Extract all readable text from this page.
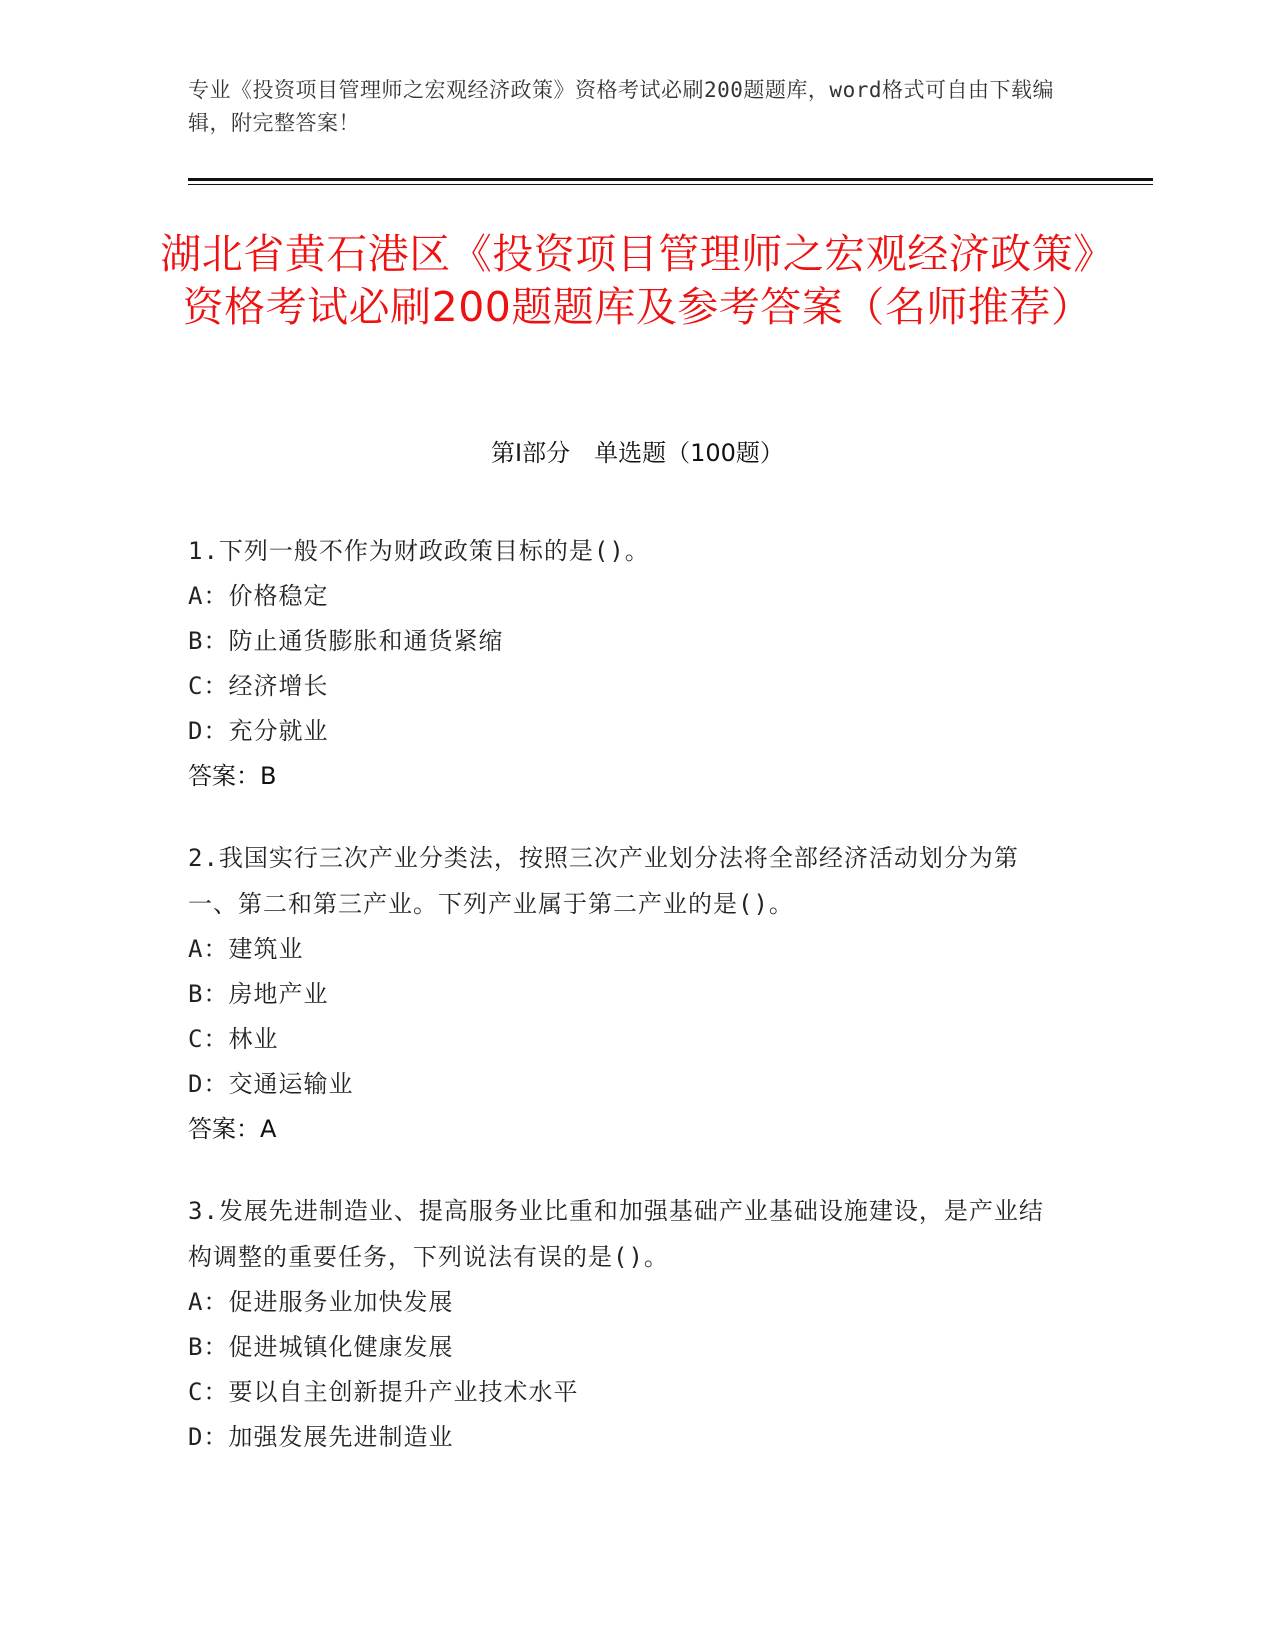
专业《投资项目管理师之宏观经济政策》资格考试必刷200题题库，word格式可自由下载编辑，附完整答案！
湖北省黄石港区《投资项目管理师之宏观经济政策》资格考试必刷200题题库及参考答案（名师推荐）
第Ⅰ部分　单选题（100题）
1.下列一般不作为财政政策目标的是()。
A：价格稳定
B：防止通货膨胀和通货紧缩
C：经济增长
D：充分就业
答案：B
2.我国实行三次产业分类法，按照三次产业划分法将全部经济活动划分为第一、第二和第三产业。下列产业属于第二产业的是()。
A：建筑业
B：房地产业
C：林业
D：交通运输业
答案：A
3.发展先进制造业、提高服务业比重和加强基础产业基础设施建设，是产业结构调整的重要任务，下列说法有误的是()。
A：促进服务业加快发展
B：促进城镇化健康发展
C：要以自主创新提升产业技术水平
D：加强发展先进制造业
